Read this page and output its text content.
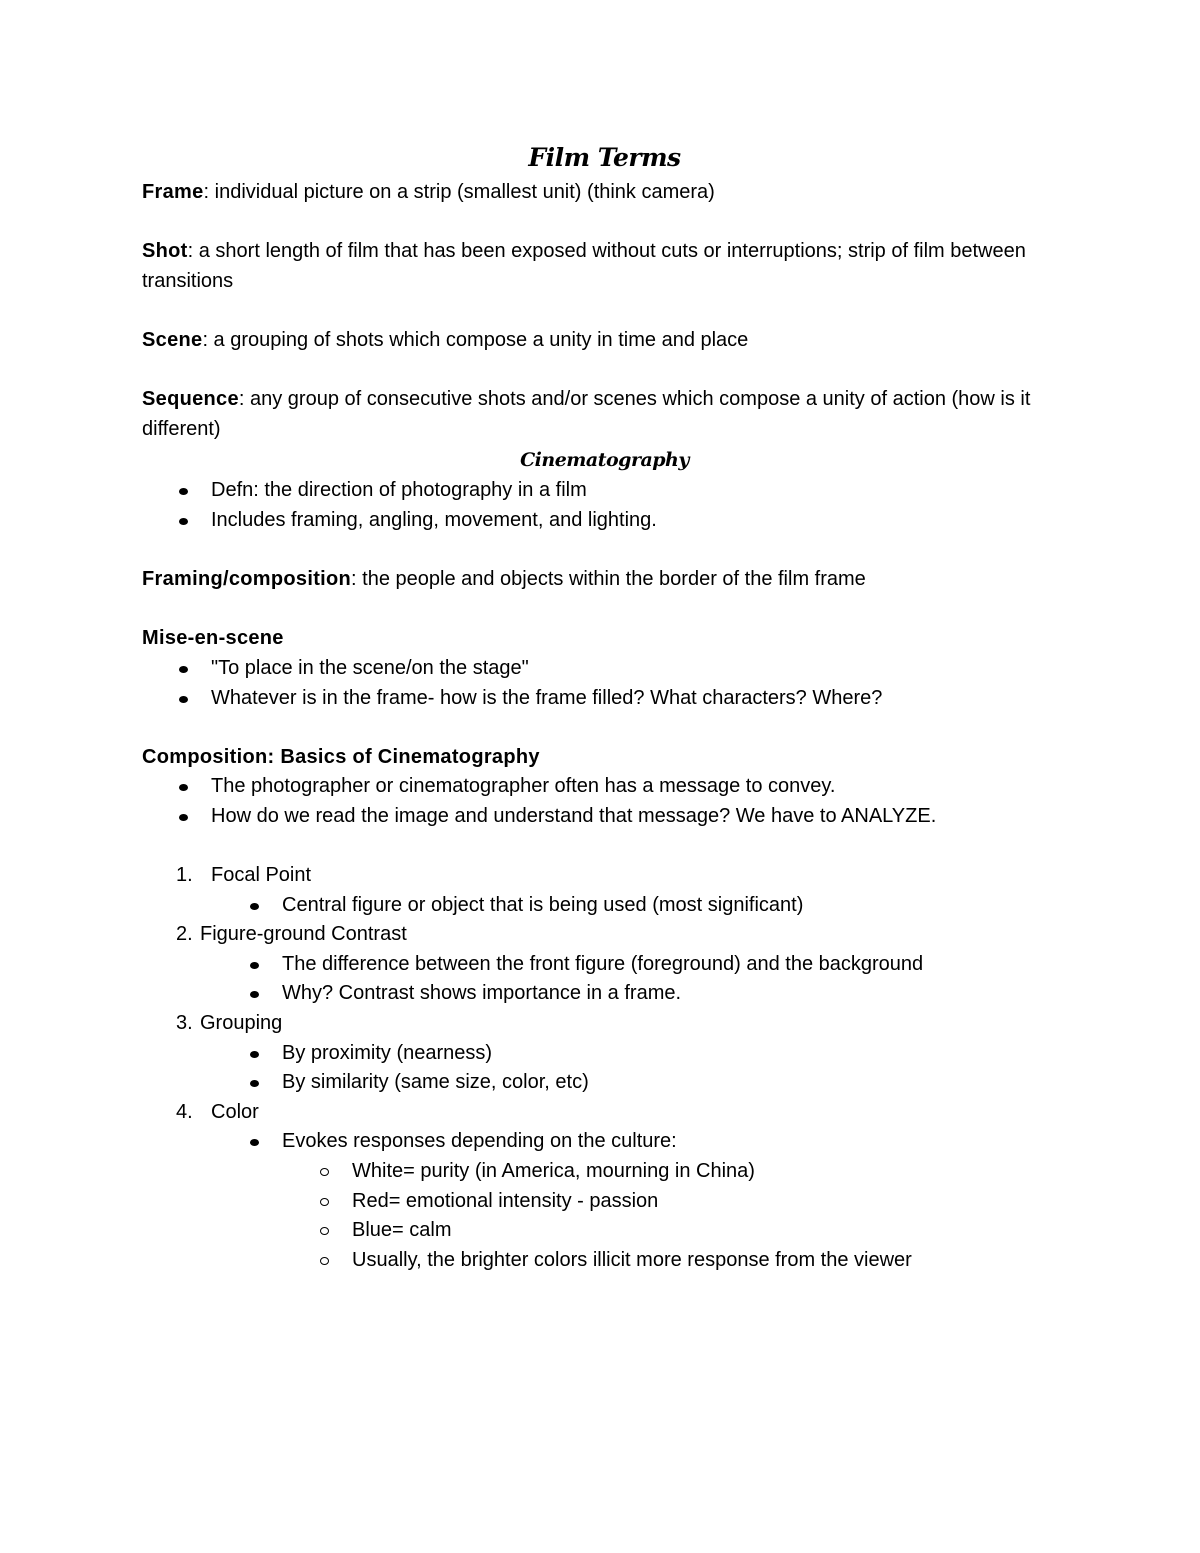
Film Terms

Frame: individual picture on a strip (smallest unit) (think camera)

Shot: a short length of film that has been exposed without cuts or interruptions; strip of film between transitions

Scene: a grouping of shots which compose a unity in time and place

Sequence: any group of consecutive shots and/or scenes which compose a unity of action (how is it different)

Cinematography
Defn: the direction of photography in a film
Includes framing, angling, movement, and lighting.

Framing/composition: the people and objects within the border of the film frame

Mise-en-scene

"To place in the scene/on the stage"
Whatever is in the frame- how is the frame filled? What characters? Where?

Composition: Basics of Cinematography

The photographer or cinematographer often has a message to convey.
How do we read the image and understand that message? We have to ANALYZE.
1. Focal Point
Central figure or object that is being used (most significant)
2. Figure-ground Contrast
The difference between the front figure (foreground) and the background
Why? Contrast shows importance in a frame.
3. Grouping
By proximity (nearness)
By similarity (same size, color, etc)
4. Color
Evokes responses depending on the culture:
White= purity (in America, mourning in China)
Red= emotional intensity - passion
Blue= calm
Usually, the brighter colors illicit more response from the viewer
